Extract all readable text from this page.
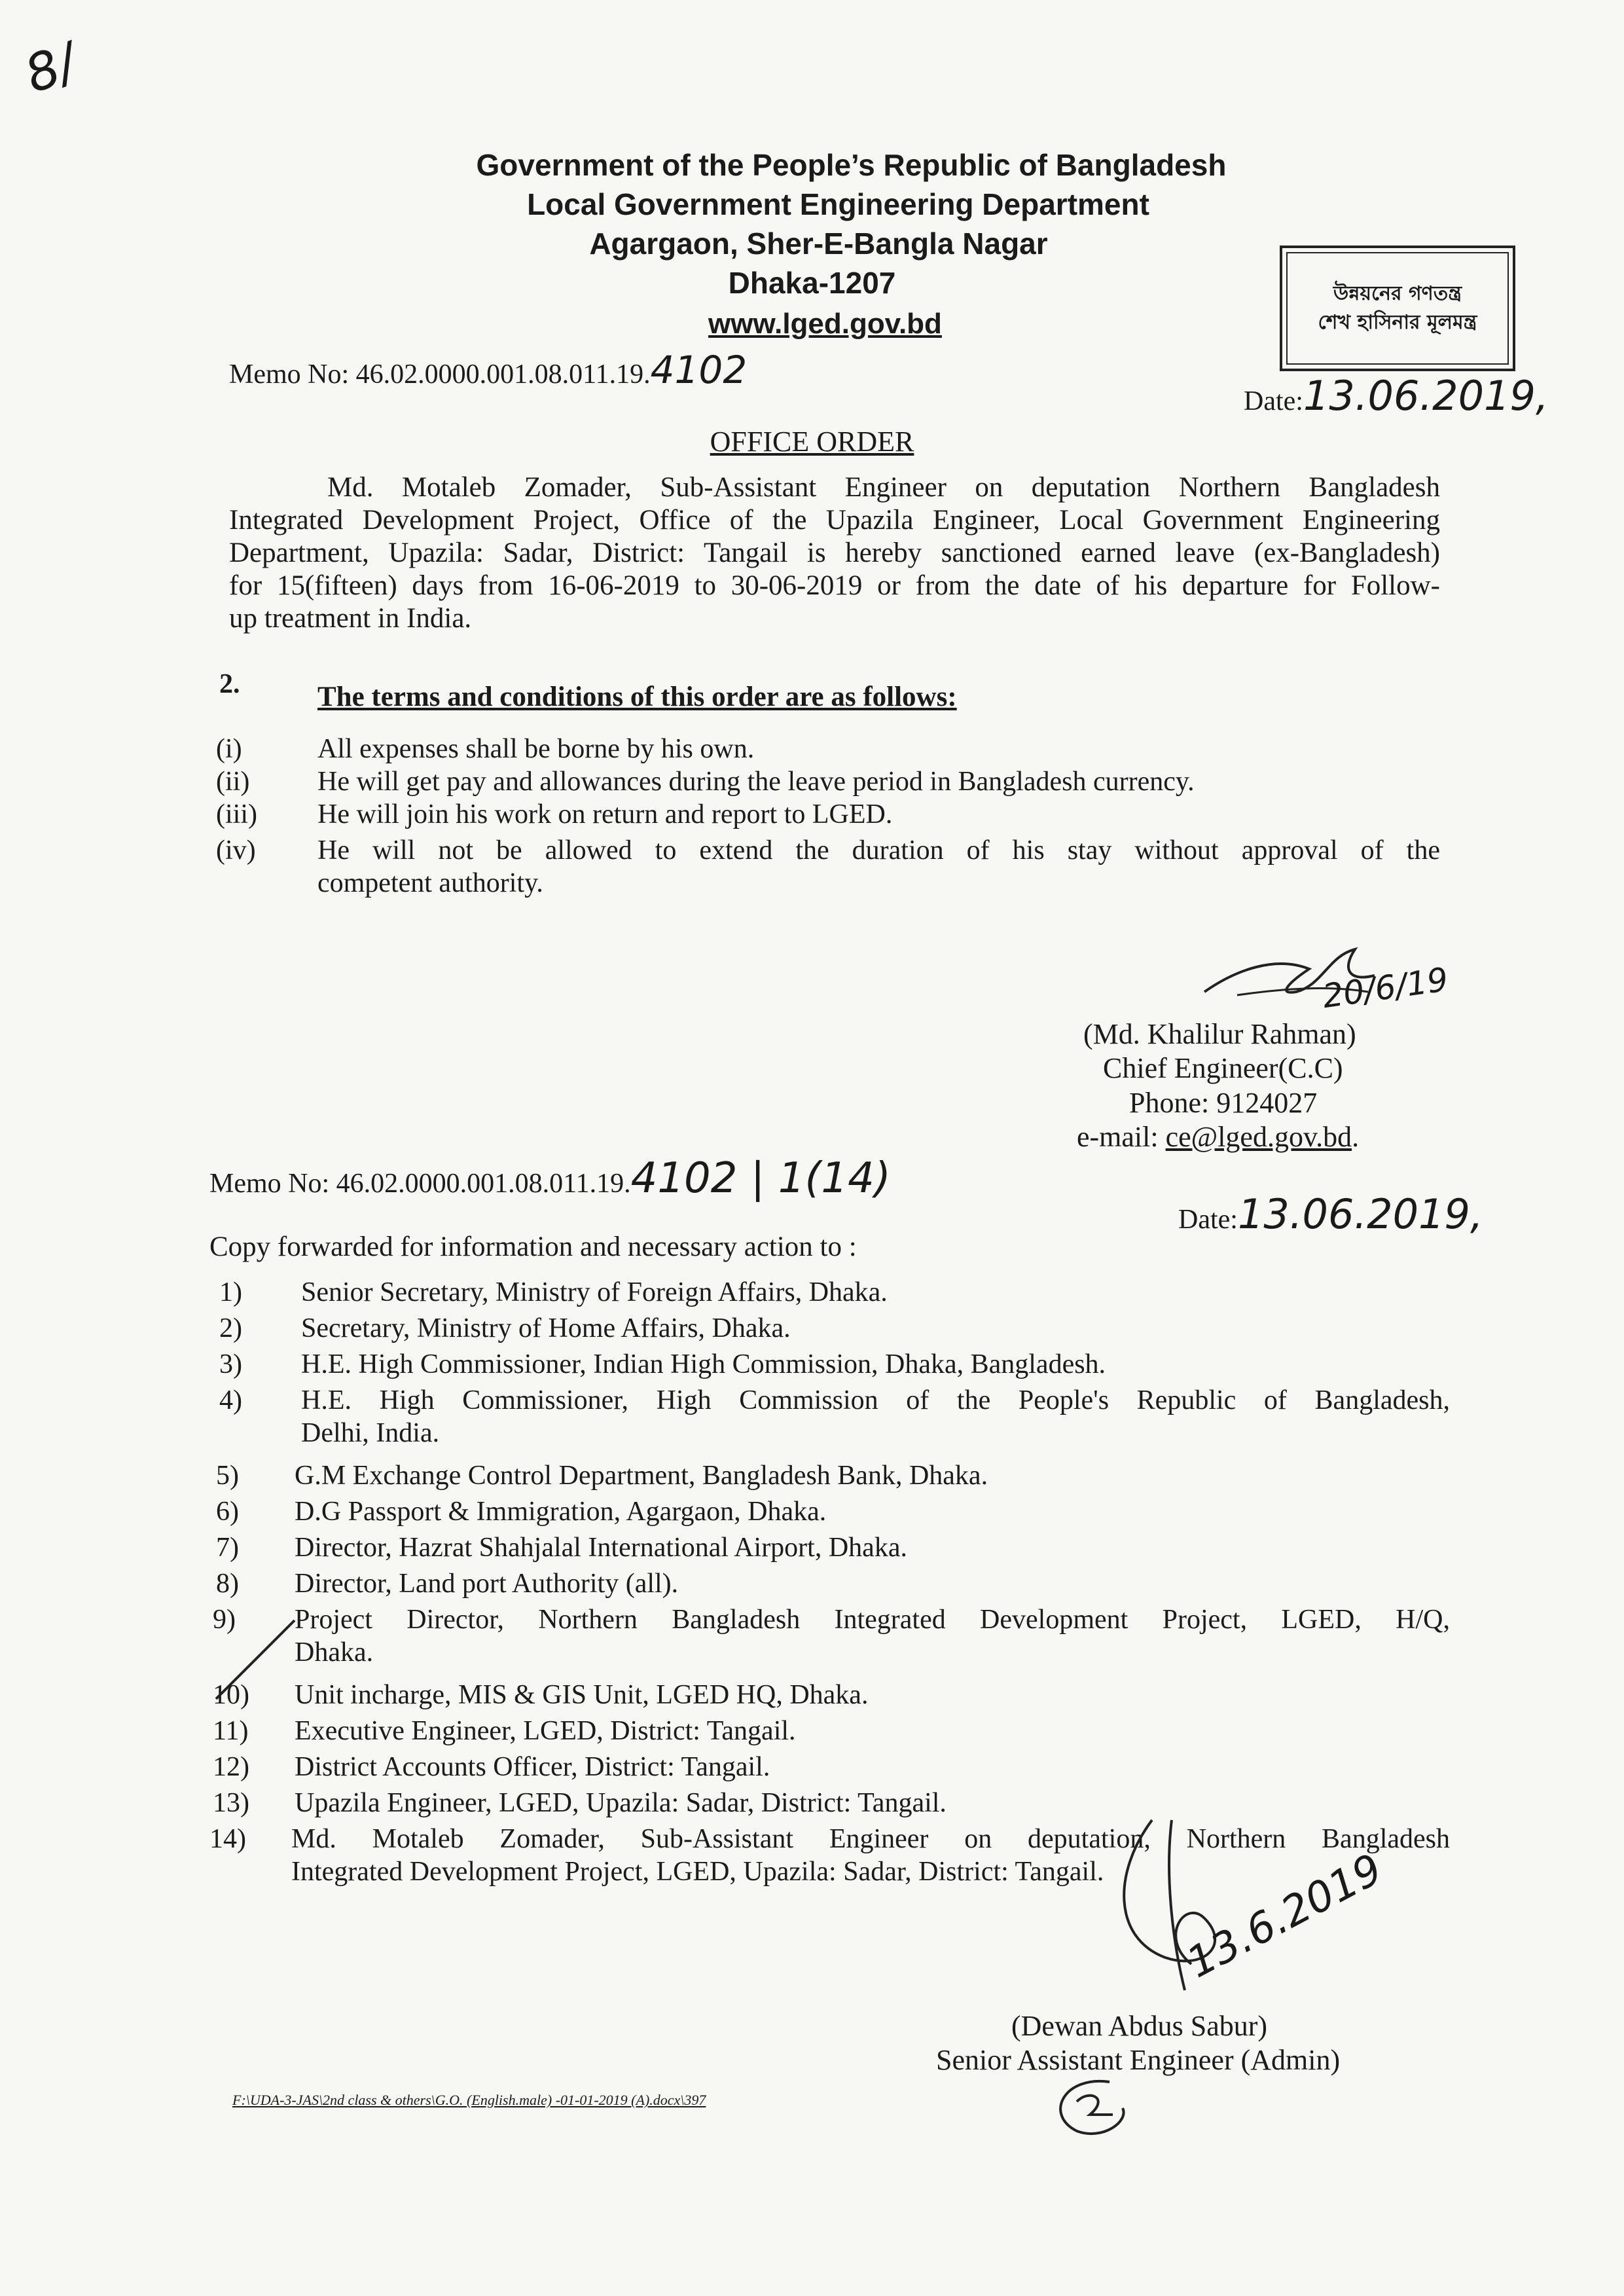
8/
Government of the People’s Republic of Bangladesh
Local Government Engineering Department
Agargaon, Sher-E-Bangla Nagar
Dhaka-1207
www.lged.gov.bd
উন্নয়নের গণতন্ত্র
শেখ হাসিনার মূলমন্ত্র
Memo No: 46.02.0000.001.08.011.19.4102
Date:13.06.2019,
OFFICE ORDER
Md. Motaleb Zomader, Sub-Assistant Engineer on deputation Northern Bangladesh
Integrated Development Project, Office of the Upazila Engineer, Local Government Engineering
Department, Upazila: Sadar, District: Tangail is hereby sanctioned earned leave (ex-Bangladesh)
for 15(fifteen) days from 16-06-2019 to 30-06-2019 or from the date of his departure for Follow-
up treatment in India.
2.	The terms and conditions of this order are as follows:
(i)	All expenses shall be borne by his own.
(ii) He will get pay and allowances during the leave period in Bangladesh currency.
(iii) He will join his work on return and report to LGED.
(iv) He will not be allowed to extend the duration of his stay without approval of the
competent authority.
20/6/19
(Md. Khalilur Rahman)
Chief Engineer(C.C)
Phone: 9124027
e-mail: ce@lged.gov.bd.
Memo No: 46.02.0000.001.08.011.19.4102 | 1(14)
Date:13.06.2019,
Copy forwarded for information and necessary action to :
1) Senior Secretary, Ministry of Foreign Affairs, Dhaka.
2) Secretary, Ministry of Home Affairs, Dhaka.
3) H.E. High Commissioner, Indian High Commission, Dhaka, Bangladesh.
4) H.E. High Commissioner, High Commission of the People's Republic of Bangladesh,
Delhi, India.
5) G.M Exchange Control Department, Bangladesh Bank, Dhaka.
6) D.G Passport & Immigration, Agargaon, Dhaka.
7) Director, Hazrat Shahjalal International Airport, Dhaka.
8) Director, Land port Authority (all).
9) Project Director, Northern Bangladesh Integrated Development Project, LGED, H/Q,
Dhaka.
10) Unit incharge, MIS & GIS Unit, LGED HQ, Dhaka.
11) Executive Engineer, LGED, District: Tangail.
12) District Accounts Officer, District: Tangail.
13) Upazila Engineer, LGED, Upazila: Sadar, District: Tangail.
14) Md. Motaleb Zomader, Sub-Assistant Engineer on deputation, Northern Bangladesh
Integrated Development Project, LGED, Upazila: Sadar, District: Tangail. 13.6.2019
(Dewan Abdus Sabur)
Senior Assistant Engineer (Admin)
F:\UDA-3-JAS\2nd class & others\G.O. (English.male) -01-01-2019 (A).docx\397
